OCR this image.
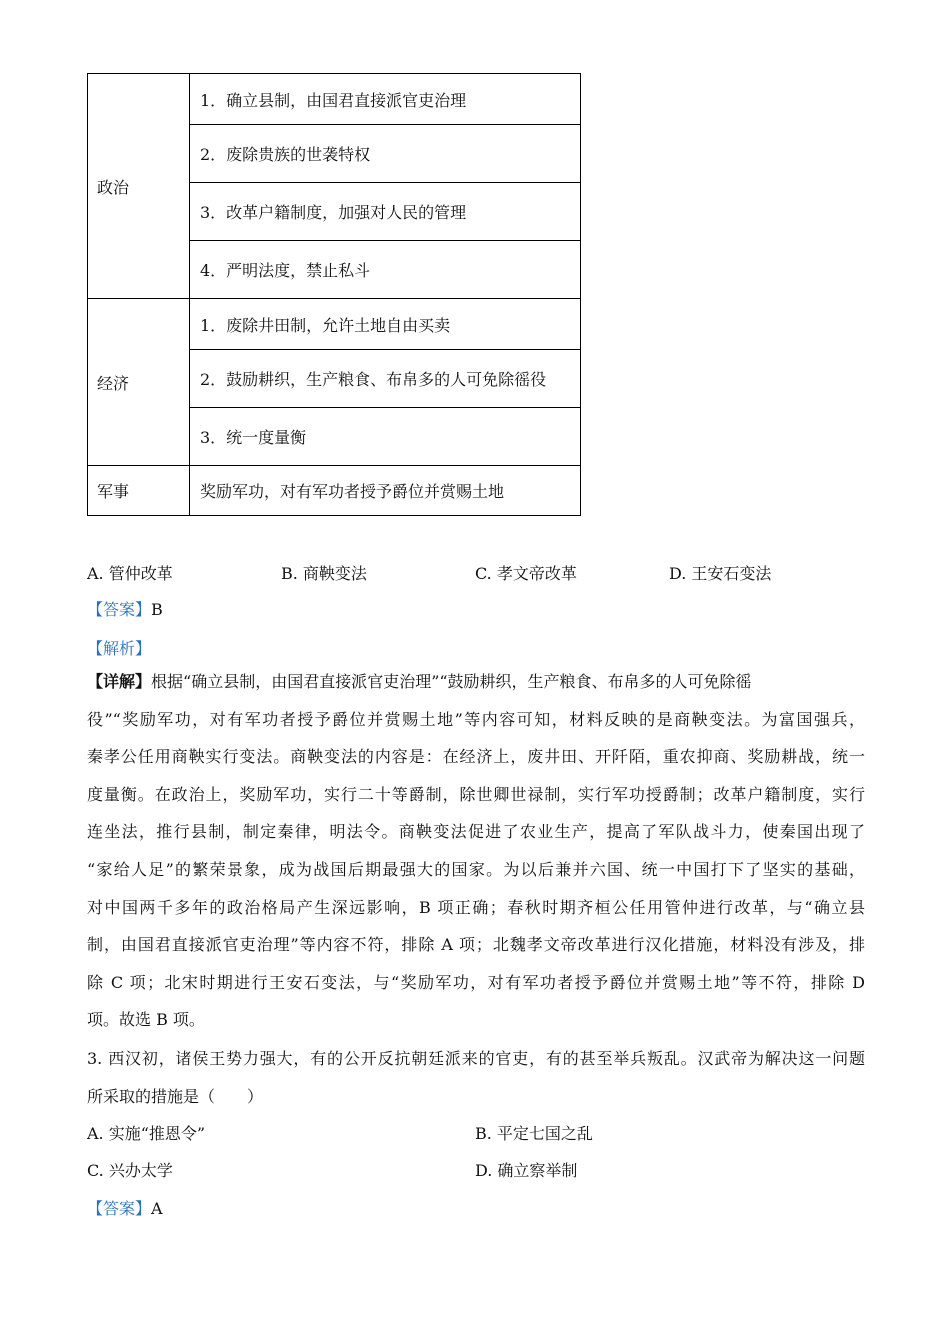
政治	1．确立县制，由国君直接派官吏治理
	2．废除贵族的世袭特权
	3．改革户籍制度，加强对人民的管理
	4．严明法度，禁止私斗
经济	1．废除井田制，允许土地自由买卖
	2．鼓励耕织，生产粮食、布帛多的人可免除徭役
	3．统一度量衡
军事	奖励军功，对有军功者授予爵位并赏赐土地
A. 管仲改革	B. 商鞅变法	C. 孝文帝改革	D. 王安石变法
【答案】B
【解析】
【详解】根据“确立县制，由国君直接派官吏治理”“鼓励耕织，生产粮食、布帛多的人可免除徭
役”“奖励军功，对有军功者授予爵位并赏赐土地”等内容可知，材料反映的是商鞅变法。为富国强兵，
秦孝公任用商鞅实行变法。商鞅变法的内容是：在经济上，废井田、开阡陌，重农抑商、奖励耕战，统一
度量衡。在政治上，奖励军功，实行二十等爵制，除世卿世禄制，实行军功授爵制；改革户籍制度，实行
连坐法，推行县制，制定秦律，明法令。商鞅变法促进了农业生产，提高了军队战斗力，使秦国出现了
“家给人足”的繁荣景象，成为战国后期最强大的国家。为以后兼并六国、统一中国打下了坚实的基础，
对中国两千多年的政治格局产生深远影响，B 项正确；春秋时期齐桓公任用管仲进行改革，与“确立县
制，由国君直接派官吏治理”等内容不符，排除 A 项；北魏孝文帝改革进行汉化措施，材料没有涉及，排
除 C 项；北宋时期进行王安石变法，与“奖励军功，对有军功者授予爵位并赏赐土地”等不符，排除 D
项。故选 B 项。
3. 西汉初，诸侯王势力强大，有的公开反抗朝廷派来的官吏，有的甚至举兵叛乱。汉武帝为解决这一问题
所采取的措施是（　　）
A. 实施“推恩令”	B. 平定七国之乱
C. 兴办太学	D. 确立察举制
【答案】A
